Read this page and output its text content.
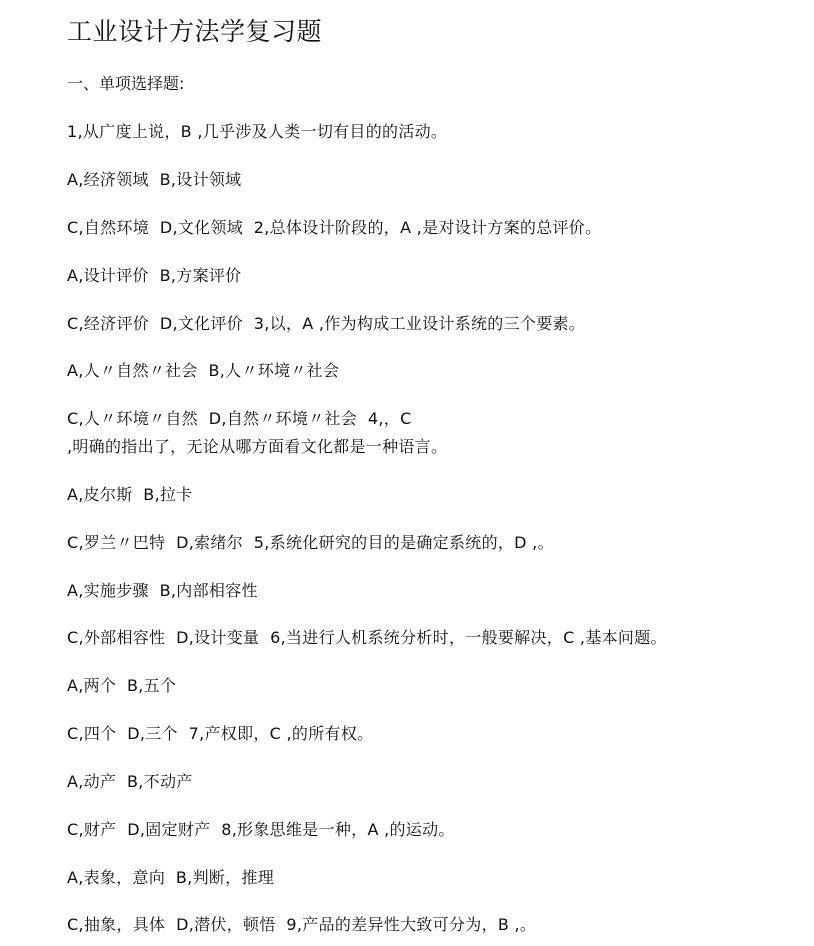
工业设计方法学复习题
一、单项选择题:
1,从广度上说，B ,几乎涉及人类一切有目的的活动。
A,经济领域  B,设计领域
C,自然环境  D,文化领域  2,总体设计阶段的，A ,是对设计方案的总评价。
A,设计评价  B,方案评价
C,经济评价  D,文化评价  3,以，A ,作为构成工业设计系统的三个要素。
A,人〃自然〃社会  B,人〃环境〃社会
C,人〃环境〃自然  D,自然〃环境〃社会  4,，C
,明确的指出了，无论从哪方面看文化都是一种语言。
A,皮尔斯  B,拉卡
C,罗兰〃巴特  D,索绪尔  5,系统化研究的目的是确定系统的，D ,。
A,实施步骤  B,内部相容性
C,外部相容性  D,设计变量  6,当进行人机系统分析时，一般要解决，C ,基本问题。
A,两个  B,五个
C,四个  D,三个  7,产权即，C ,的所有权。
A,动产  B,不动产
C,财产  D,固定财产  8,形象思维是一种，A ,的运动。
A,表象，意向  B,判断，推理
C,抽象，具体  D,潜伏，顿悟  9,产品的差异性大致可分为，B ,。
